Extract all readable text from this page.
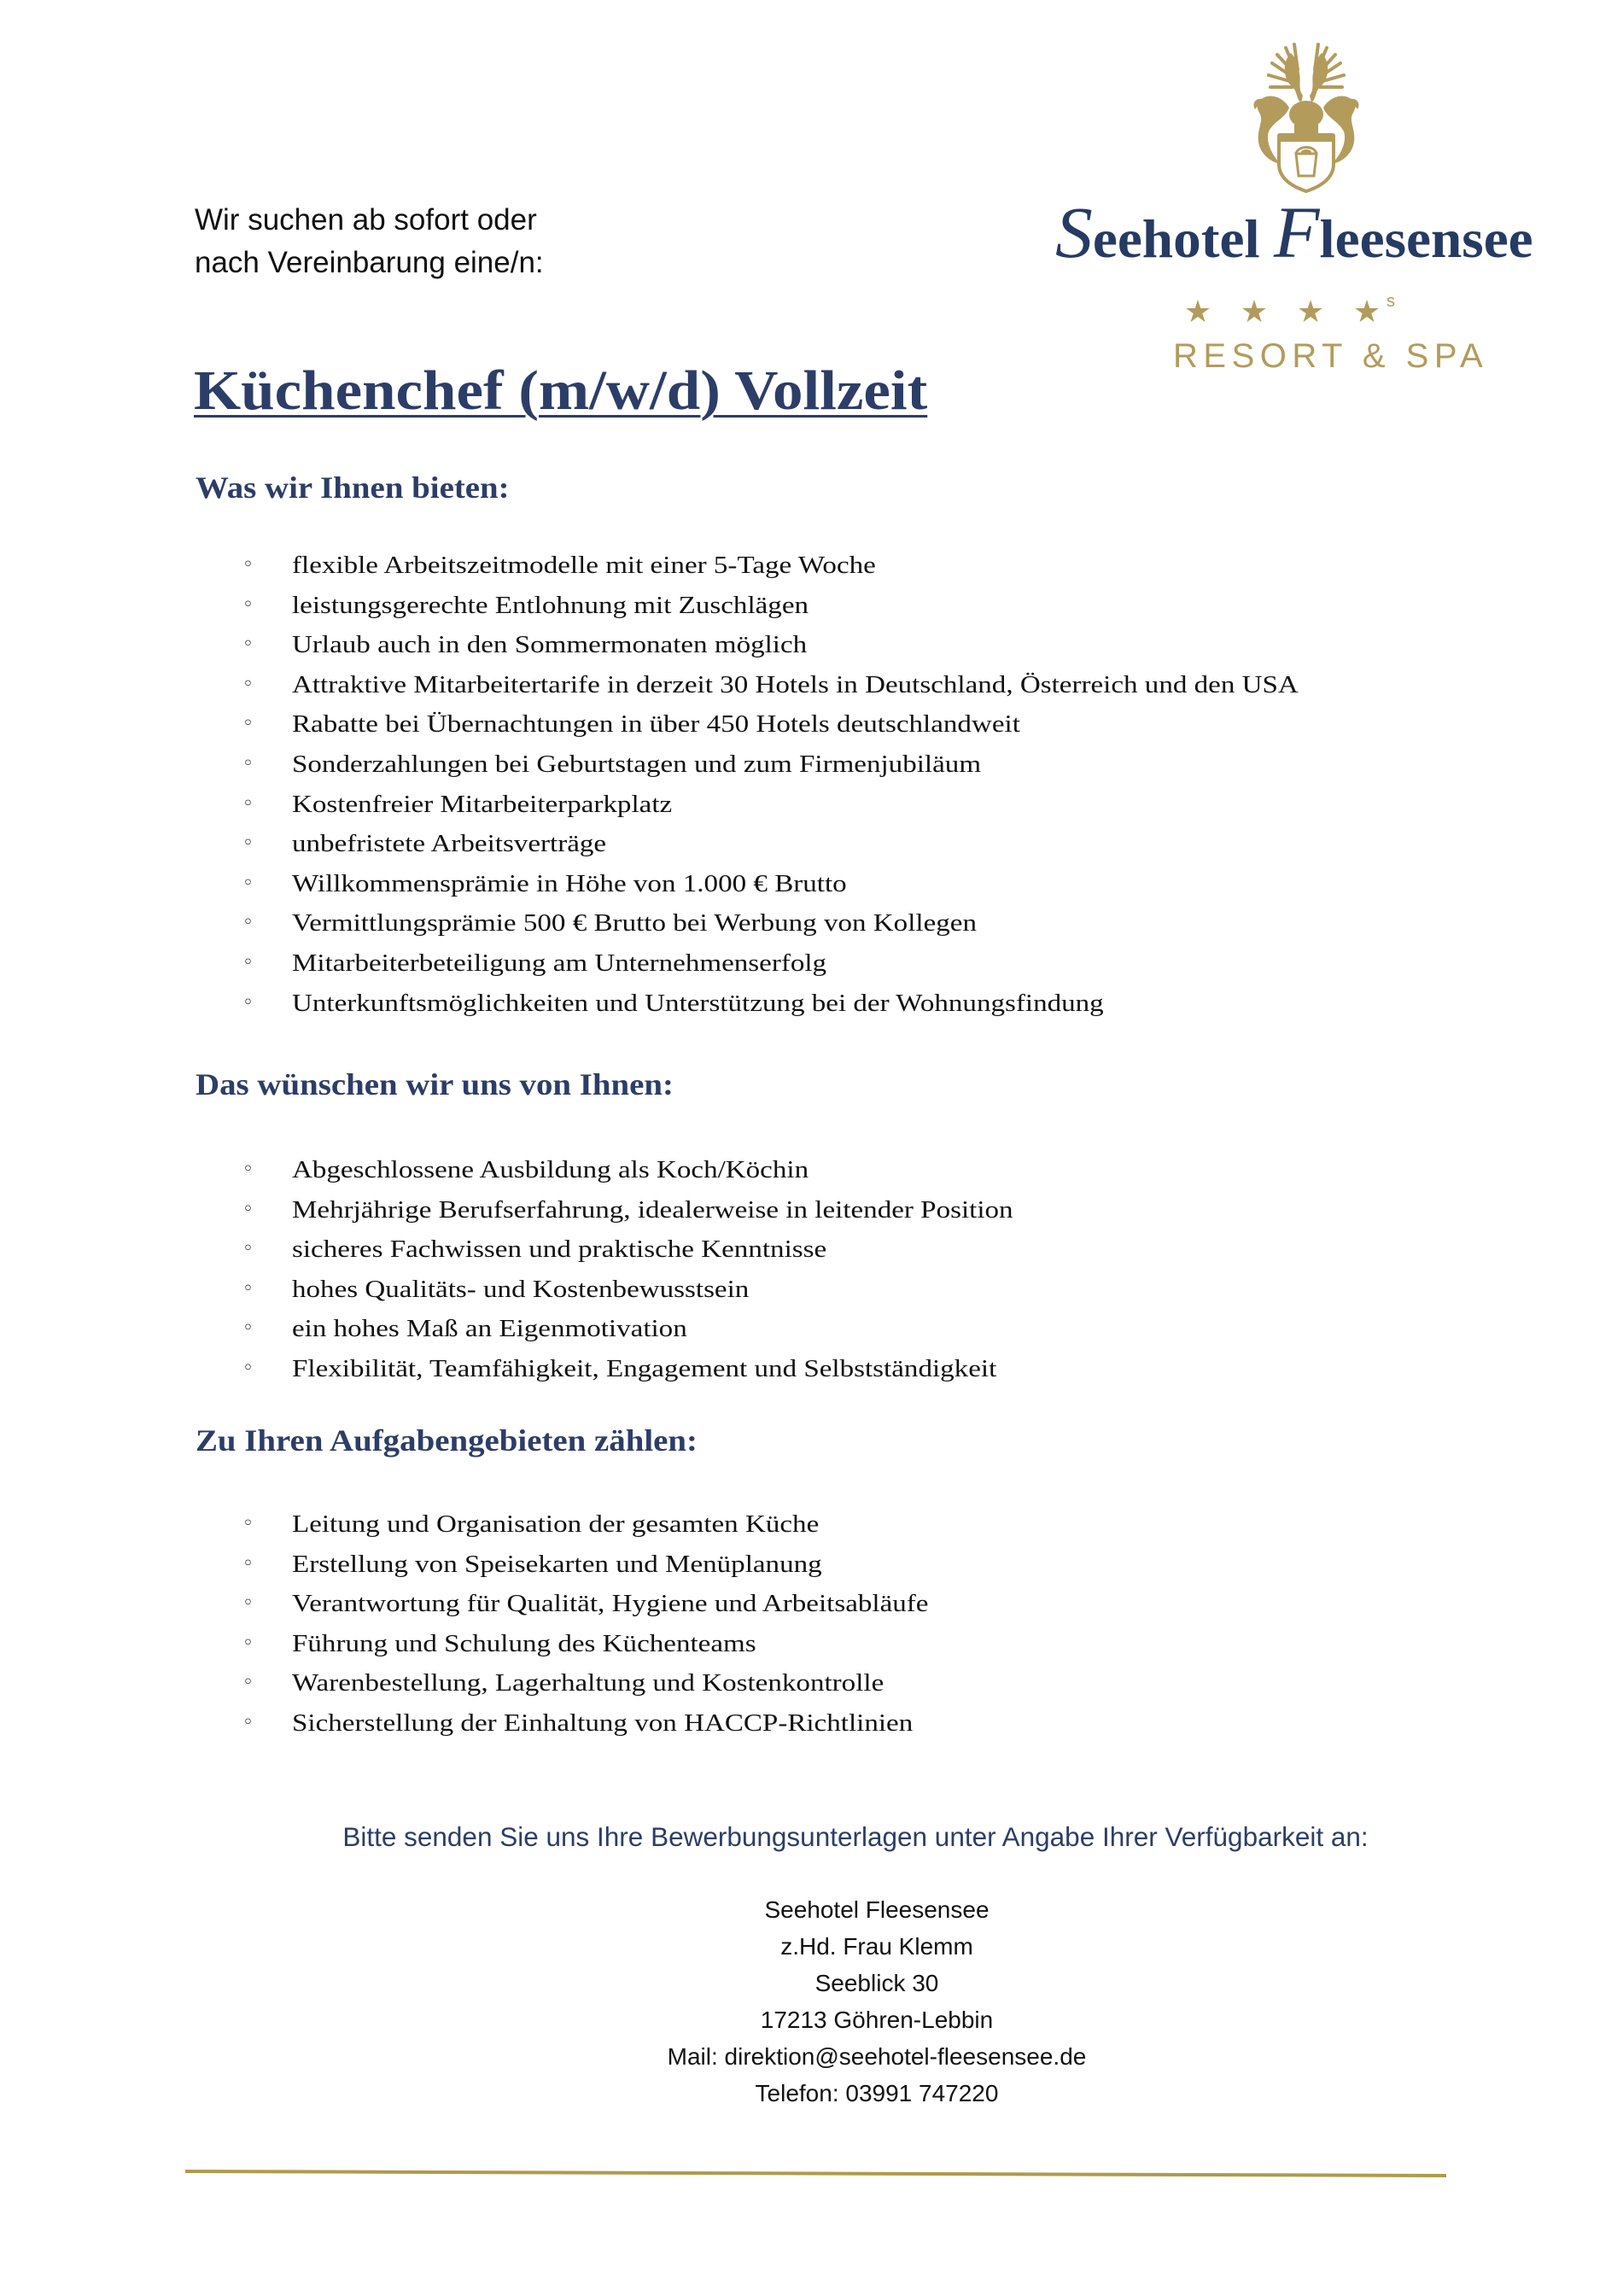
Seehotel Fleesensee
★ ★ ★ ★ $^s$
RESORT & SPA
Wir suchen ab sofort oder
nach Vereinbarung eine/n:
Küchenchef (m/w/d) Vollzeit
Was wir Ihnen bieten:
◦ flexible Arbeitszeitmodelle mit einer 5-Tage Woche
◦ leistungsgerechte Entlohnung mit Zuschlägen
◦ Urlaub auch in den Sommermonaten möglich
◦ Attraktive Mitarbeitertarife in derzeit 30 Hotels in Deutschland, Österreich und den USA
◦ Rabatte bei Übernachtungen in über 450 Hotels deutschlandweit
◦ Sonderzahlungen bei Geburtstagen und zum Firmenjubiläum
◦ Kostenfreier Mitarbeiterparkplatz
◦ unbefristete Arbeitsverträge
◦ Willkommensprämie in Höhe von 1.000 € Brutto
◦ Vermittlungsprämie 500 € Brutto bei Werbung von Kollegen
◦ Mitarbeiterbeteiligung am Unternehmenserfolg
◦ Unterkunftsmöglichkeiten und Unterstützung bei der Wohnungsfindung
Das wünschen wir uns von Ihnen:
◦ Abgeschlossene Ausbildung als Koch/Köchin
◦ Mehrjährige Berufserfahrung, idealerweise in leitender Position
◦ sicheres Fachwissen und praktische Kenntnisse
◦ hohes Qualitäts- und Kostenbewusstsein
◦ ein hohes Maß an Eigenmotivation
◦ Flexibilität, Teamfähigkeit, Engagement und Selbstständigkeit
Zu Ihren Aufgabengebieten zählen:
◦ Leitung und Organisation der gesamten Küche
◦ Erstellung von Speisekarten und Menüplanung
◦ Verantwortung für Qualität, Hygiene und Arbeitsabläufe
◦ Führung und Schulung des Küchenteams
◦ Warenbestellung, Lagerhaltung und Kostenkontrolle
◦ Sicherstellung der Einhaltung von HACCP-Richtlinien
Bitte senden Sie uns Ihre Bewerbungsunterlagen unter Angabe Ihrer Verfügbarkeit an:
Seehotel Fleesensee
z.Hd. Frau Klemm
Seeblick 30
17213 Göhren-Lebbin
Mail: direktion@seehotel-fleesensee.de
Telefon: 03991 747220
